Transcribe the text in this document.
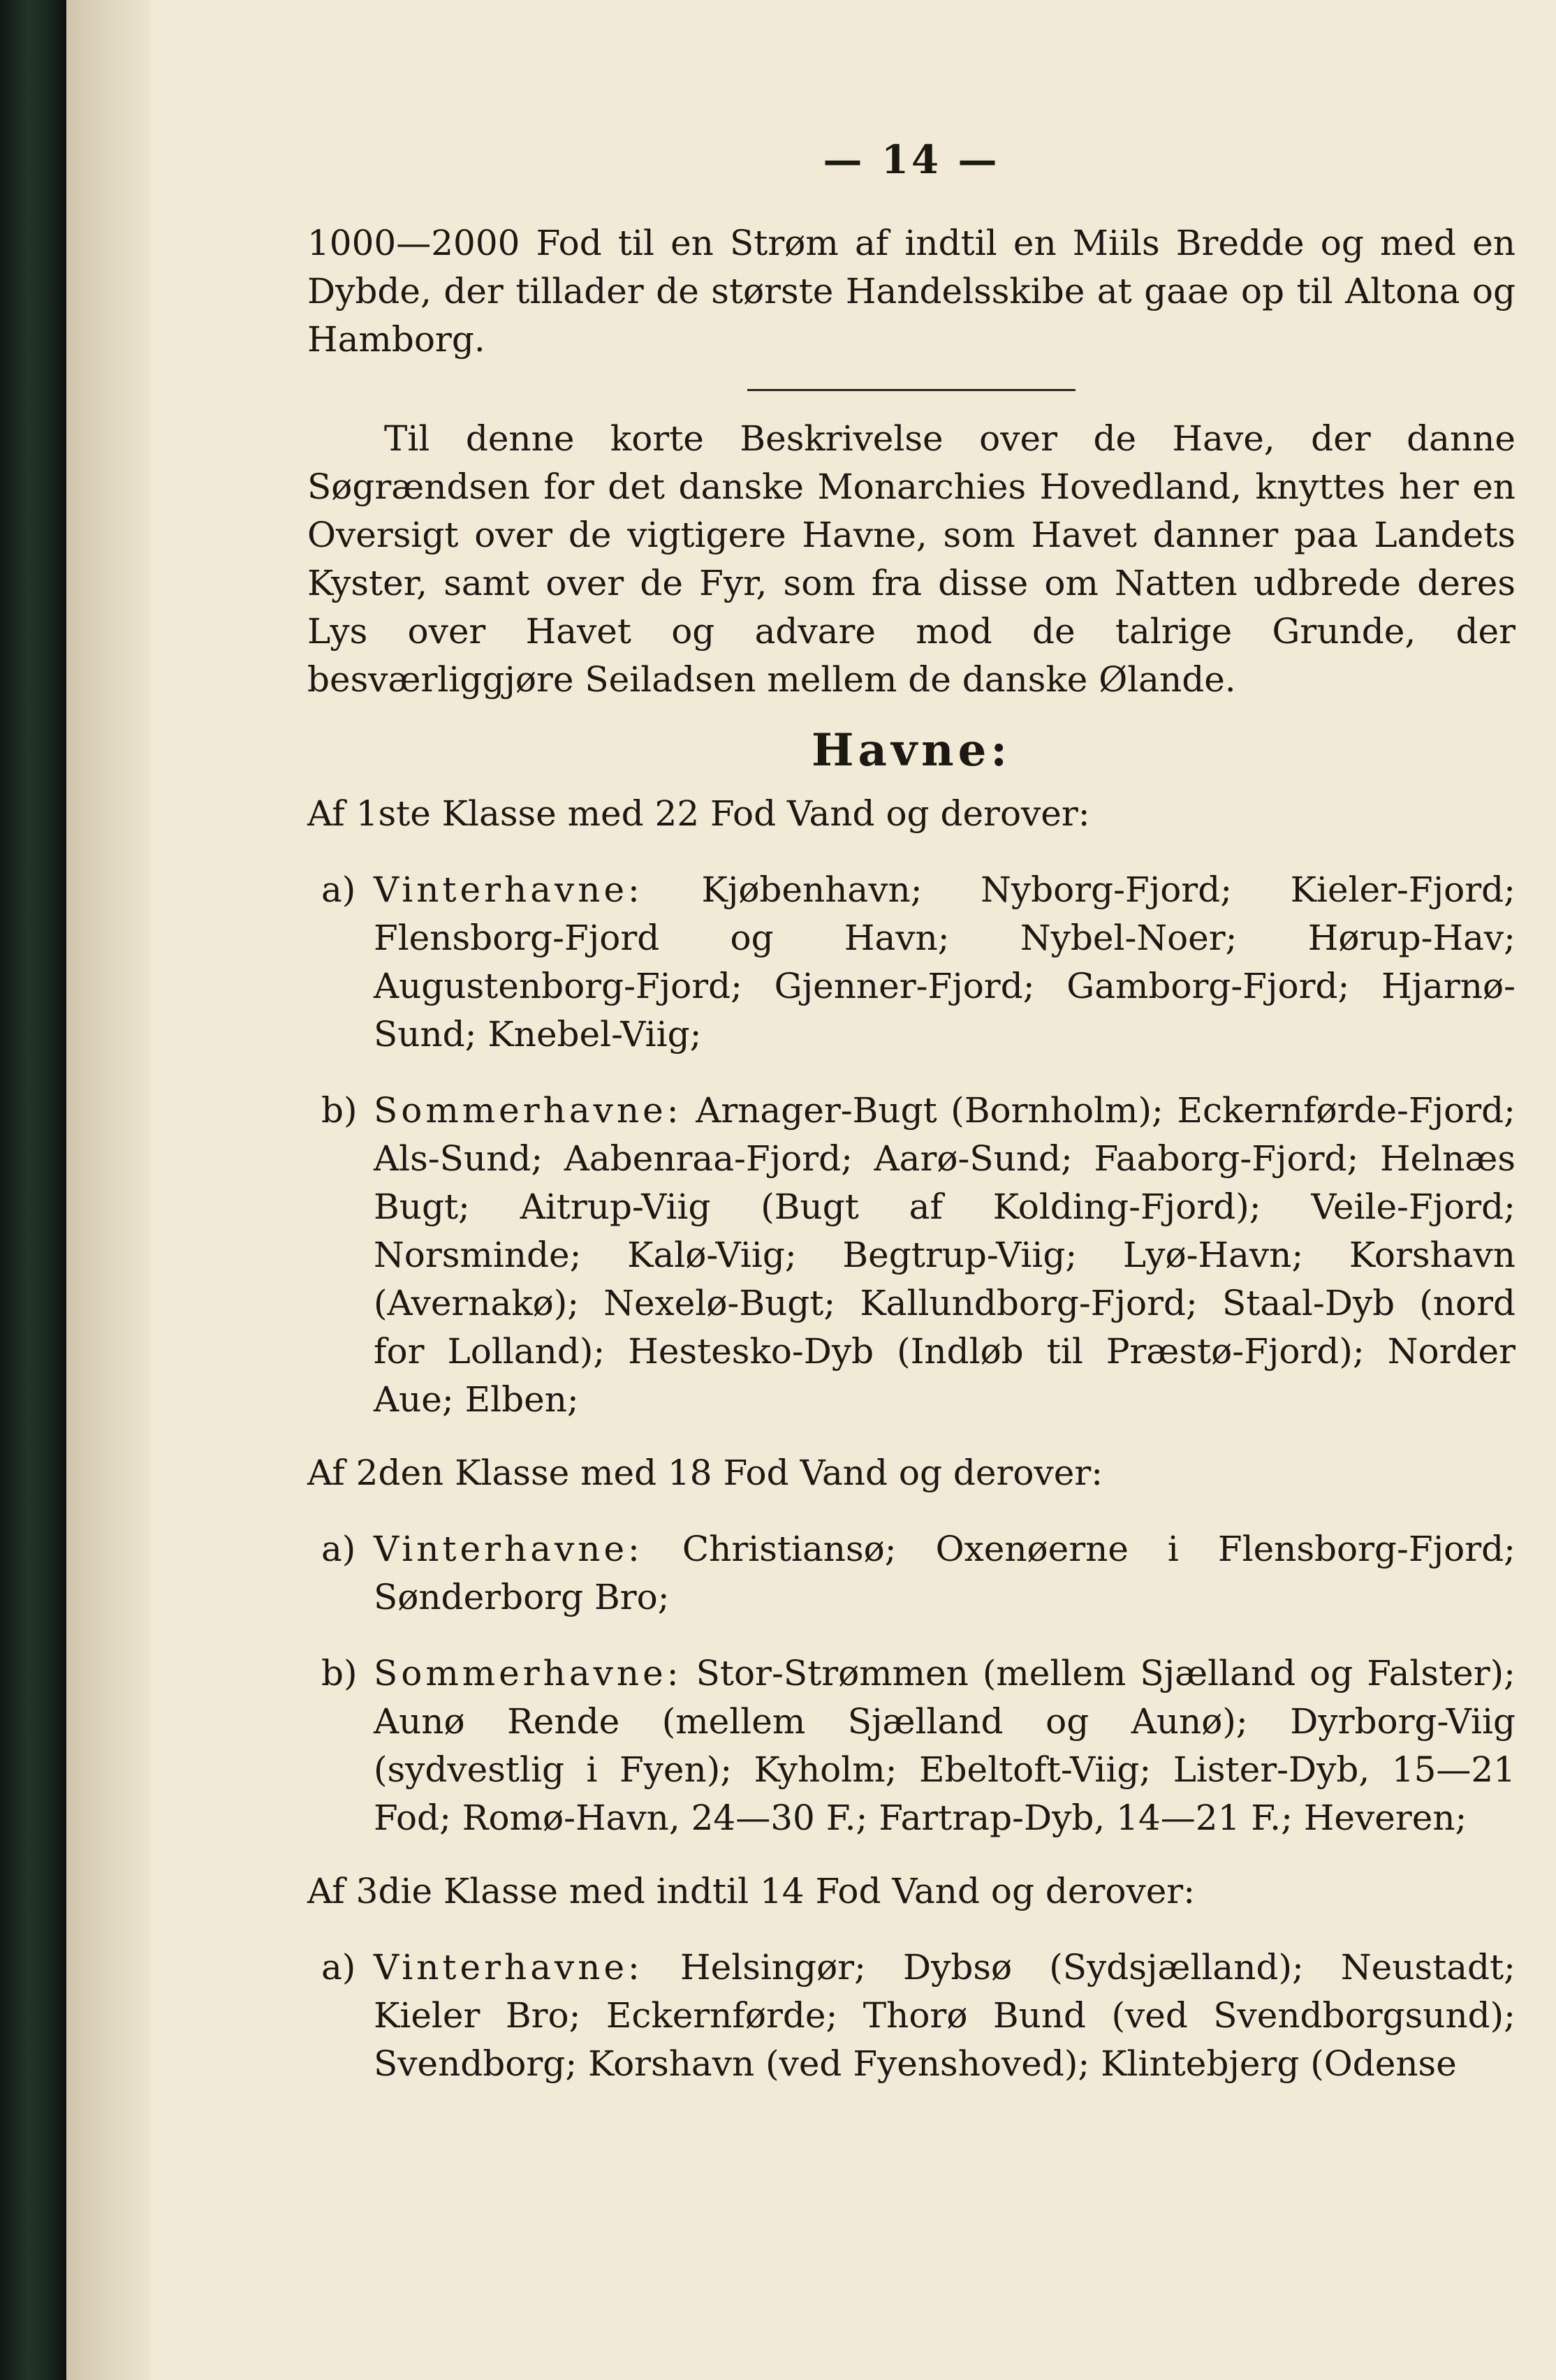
— 14 —

1000—2000 Fod til en Strøm af indtil en Miils Bredde og med en Dybde, der tillader de største Handelsskibe at gaae op til Altona og Hamborg.

Til denne korte Beskrivelse over de Have, der danne Søgrændsen for det danske Monarchies Hovedland, knyttes her en Oversigt over de vigtigere Havne, som Havet danner paa Landets Kyster, samt over de Fyr, som fra disse om Natten udbrede deres Lys over Havet og advare mod de talrige Grunde, der besværliggjøre Seiladsen mellem de danske Ølande.

Havne:

Af 1ste Klasse med 22 Fod Vand og derover:

a) Vinterhavne: Kjøbenhavn; Nyborg-Fjord; Kieler-Fjord; Flensborg-Fjord og Havn; Nybel-Noer; Hørup-Hav; Augustenborg-Fjord; Gjenner-Fjord; Gamborg-Fjord; Hjarnø-Sund; Knebel-Viig;

b) Sommerhavne: Arnager-Bugt (Bornholm); Eckernførde-Fjord; Als-Sund; Aabenraa-Fjord; Aarø-Sund; Faaborg-Fjord; Helnæs Bugt; Aitrup-Viig (Bugt af Kolding-Fjord); Veile-Fjord; Norsminde; Kalø-Viig; Begtrup-Viig; Lyø-Havn; Korshavn (Avernakø); Nexelø-Bugt; Kallundborg-Fjord; Staal-Dyb (nord for Lolland); Hesteskо-Dyb (Indløb til Præstø-Fjord); Norder Aue; Elben;

Af 2den Klasse med 18 Fod Vand og derover:

a) Vinterhavne: Christiansø; Oxenøerne i Flensborg-Fjord; Sønderborg Bro;

b) Sommerhavne: Stor-Strømmen (mellem Sjælland og Falster); Aunø Rende (mellem Sjælland og Aunø); Dyrborg-Viig (sydvestlig i Fyen); Kyholm; Ebeltoft-Viig; Lister-Dyb, 15—21 Fod; Romø-Havn, 24—30 F.; Fartrap-Dyb, 14—21 F.; Heveren;

Af 3die Klasse med indtil 14 Fod Vand og derover:

a) Vinterhavne: Helsingør; Dybsø (Sydsjælland); Neustadt; Kieler Bro; Eckernførde; Thorø Bund (ved Svendborgsund); Svendborg; Korshavn (ved Fyenshoved); Klintebjerg (Odense
